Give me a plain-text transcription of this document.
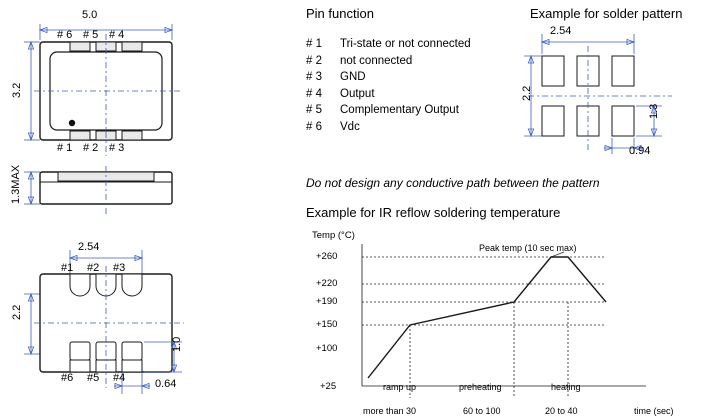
5.0
3.2
# 6 # 5 # 4
# 1 # 2 # 3
1.3MAX
2.54
2.2
1.0
0.64
#1 #2 #3
#6 #5 #4
Pin function
# 1	Tri-state or not connected
# 2	not connected
# 3	GND
# 4	Output
# 5	Complementary Output
# 6	Vdc
Example for solder pattern
2.54
2.2
1.3
0.94
Do not design any conductive path between the pattern
Example for IR reflow soldering temperature
Temp (°C)
Peak temp (10 sec max)
+260
+220
+190
+150
+100
+25	ramp up	preheating	heating
more than 30	60 to 100	20 to 40	time (sec)
